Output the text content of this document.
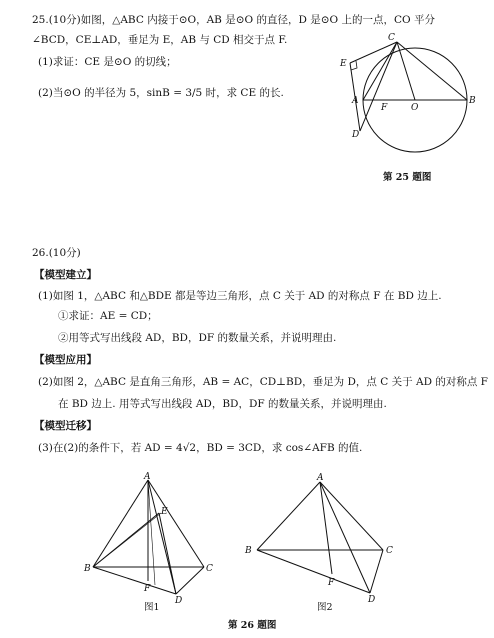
25.(10分)如图，△ABC 内接于⊙O，AB 是⊙O 的直径，D 是⊙O 上的一点，CO 平分
∠BCD，CE⊥AD，垂足为 E，AB 与 CD 相交于点 F.
(1)求证：CE 是⊙O 的切线；
(2)当⊙O 的半径为 5，sinB = 3/5 时，求 CE 的长.
C
E
A
F	O
B
D
第 25 题图
26.(10分)
【模型建立】
(1)如图 1，△ABC 和△BDE 都是等边三角形，点 C 关于 AD 的对称点 F 在 BD 边上.
①求证：AE = CD；
②用等式写出线段 AD，BD，DF 的数量关系，并说明理由.
【模型应用】
(2)如图 2，△ABC 是直角三角形，AB = AC，CD⊥BD，垂足为 D，点 C 关于 AD 的对称点 F
在 BD 边上. 用等式写出线段 AD，BD，DF 的数量关系，并说明理由.
【模型迁移】
(3)在(2)的条件下，若 AD = 4√2，BD = 3CD，求 cos∠AFB 的值.
A
E
B
F
C
D
图1
A
B	C
F
D
图2
第 26 题图
